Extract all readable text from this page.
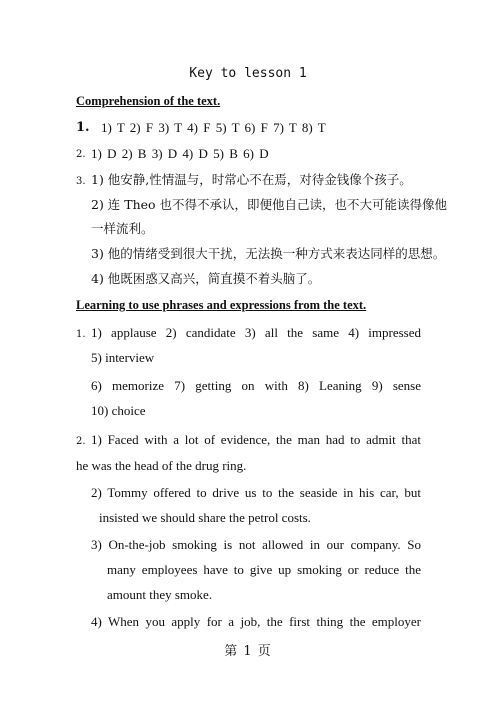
Key to lesson 1
Comprehension of the text.
1. 1) T 2) F 3) T 4) F 5) T 6) F 7) T 8) T
2. 1) D 2) B 3) D 4) D 5) B 6) D
3. 1) 他安静,性情温与，时常心不在焉，对待金钱像个孩子。
2) 连 Theo 也不得不承认，即便他自己读，也不大可能读得像他
一样流利。
3) 他的情绪受到很大干扰，无法换一种方式来表达同样的思想。
4) 他既困惑又高兴，简直摸不着头脑了。
Learning to use phrases and expressions from the text.
1. 1) applause 2) candidate 3) all the same 4) impressed
5) interview
6) memorize 7) getting on with 8) Leaning 9) sense
10) choice
2. 1) Faced with a lot of evidence, the man had to admit that
he was the head of the drug ring.
2) Tommy offered to drive us to the seaside in his car, but
insisted we should share the petrol costs.
3) On-the-job smoking is not allowed in our company. So
many employees have to give up smoking or reduce the
amount they smoke.
4) When you apply for a job, the first thing the employer
第 1 页
